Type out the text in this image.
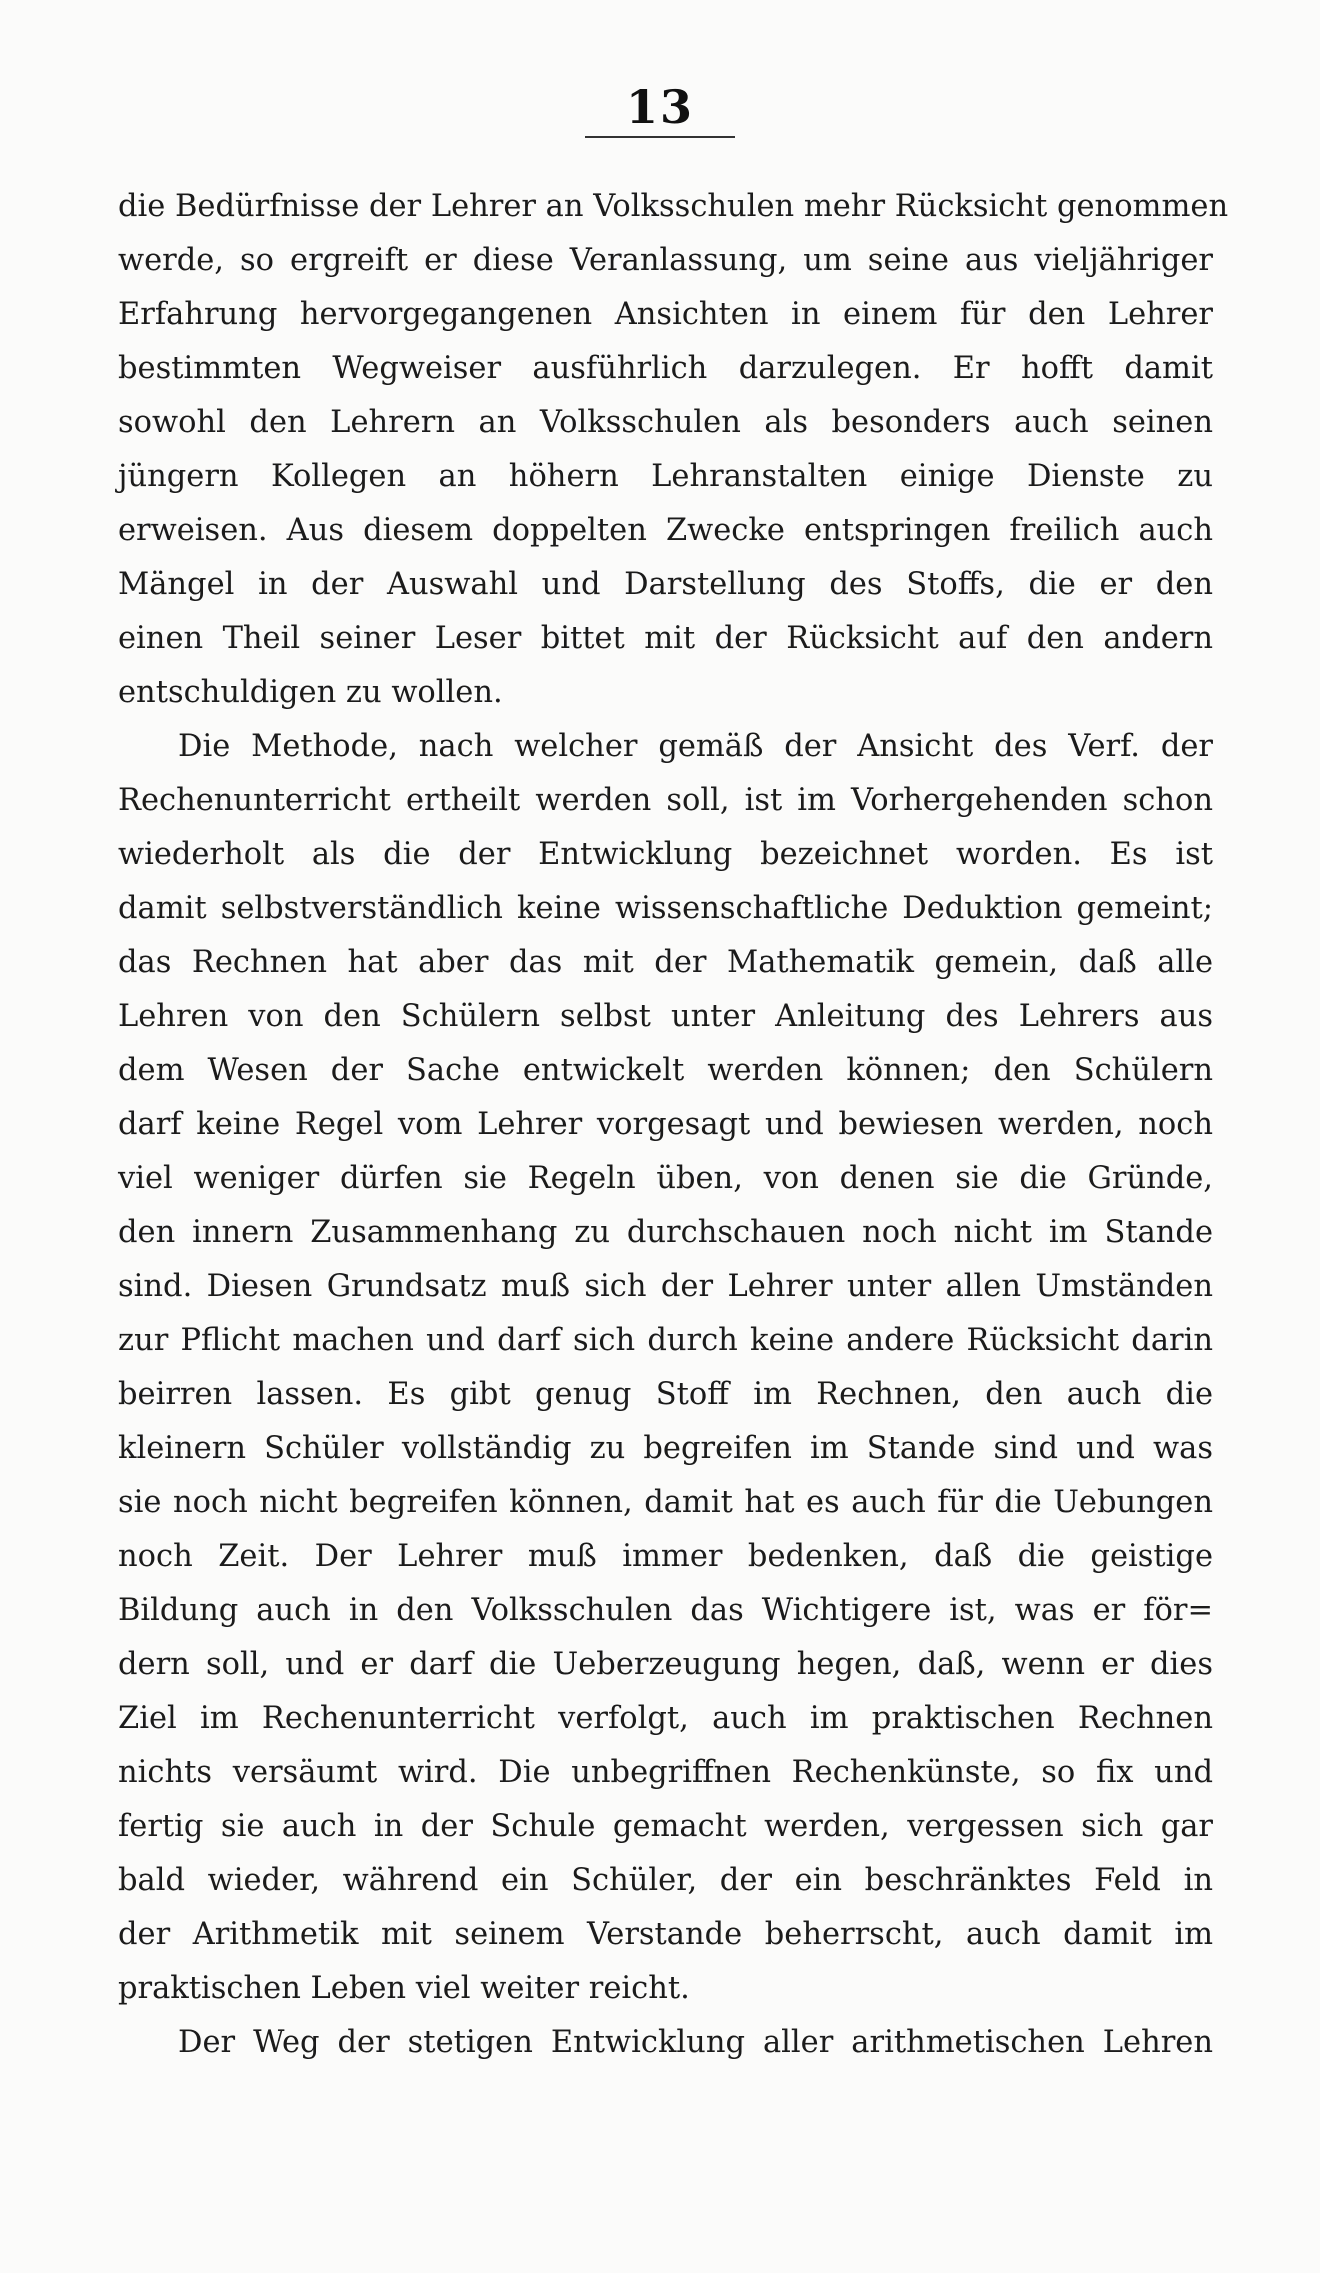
13
die Bedürfnisse der Lehrer an Volksschulen mehr Rücksicht genommen
werde, so ergreift er diese Veranlassung, um seine aus vieljähriger
Erfahrung hervorgegangenen Ansichten in einem für den Lehrer
bestimmten Wegweiser ausführlich darzulegen. Er hofft damit
sowohl den Lehrern an Volksschulen als besonders auch seinen
jüngern Kollegen an höhern Lehranstalten einige Dienste zu
erweisen. Aus diesem doppelten Zwecke entspringen freilich auch
Mängel in der Auswahl und Darstellung des Stoffs, die er den
einen Theil seiner Leser bittet mit der Rücksicht auf den andern
entschuldigen zu wollen.
Die Methode, nach welcher gemäß der Ansicht des Verf. der
Rechenunterricht ertheilt werden soll, ist im Vorhergehenden schon
wiederholt als die der Entwicklung bezeichnet worden. Es ist
damit selbstverständlich keine wissenschaftliche Deduktion gemeint;
das Rechnen hat aber das mit der Mathematik gemein, daß alle
Lehren von den Schülern selbst unter Anleitung des Lehrers aus
dem Wesen der Sache entwickelt werden können; den Schülern
darf keine Regel vom Lehrer vorgesagt und bewiesen werden, noch
viel weniger dürfen sie Regeln üben, von denen sie die Gründe,
den innern Zusammenhang zu durchschauen noch nicht im Stande
sind. Diesen Grundsatz muß sich der Lehrer unter allen Umständen
zur Pflicht machen und darf sich durch keine andere Rücksicht darin
beirren lassen. Es gibt genug Stoff im Rechnen, den auch die
kleinern Schüler vollständig zu begreifen im Stande sind und was
sie noch nicht begreifen können, damit hat es auch für die Uebungen
noch Zeit. Der Lehrer muß immer bedenken, daß die geistige
Bildung auch in den Volksschulen das Wichtigere ist, was er för=
dern soll, und er darf die Ueberzeugung hegen, daß, wenn er dies
Ziel im Rechenunterricht verfolgt, auch im praktischen Rechnen
nichts versäumt wird. Die unbegriffnen Rechenkünste, so fix und
fertig sie auch in der Schule gemacht werden, vergessen sich gar
bald wieder, während ein Schüler, der ein beschränktes Feld in
der Arithmetik mit seinem Verstande beherrscht, auch damit im
praktischen Leben viel weiter reicht.
Der Weg der stetigen Entwicklung aller arithmetischen Lehren
